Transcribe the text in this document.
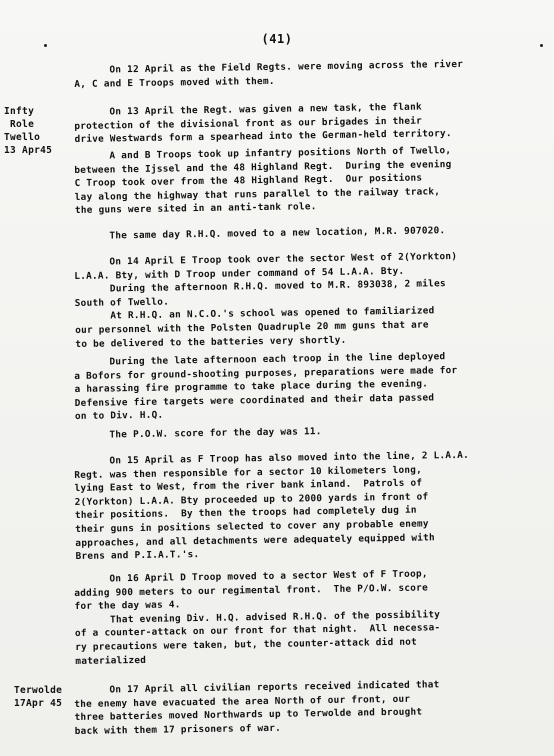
(41)
Infty
Role
Twello
13 Apr45
Terwolde
17Apr 45
On 12 April as the Field Regts. were moving across the river
A, C and E Troops moved with them.
On 13 April the Regt. was given a new task, the flank
protection of the divisional front as our brigades in their
drive Westwards form a spearhead into the German-held territory.
A and B Troops took up infantry positions North of Twello,
between the Ijssel and the 48 Highland Regt.  During the evening
C Troop took over from the 48 Highland Regt.  Our positions
lay along the highway that runs parallel to the railway track,
the guns were sited in an anti-tank role.
The same day R.H.Q. moved to a new location, M.R. 907020.
On 14 April E Troop took over the sector West of 2(Yorkton)
L.A.A. Bty, with D Troop under command of 54 L.A.A. Bty.
During the afternoon R.H.Q. moved to M.R. 893038, 2 miles
South of Twello.
At R.H.Q. an N.C.O.'s school was opened to familiarized
our personnel with the Polsten Quadruple 20 mm guns that are
to be delivered to the batteries very shortly.
During the late afternoon each troop in the line deployed
a Bofors for ground-shooting purposes, preparations were made for
a harassing fire programme to take place during the evening.
Defensive fire targets were coordinated and their data passed
on to Div. H.Q.
The P.O.W. score for the day was 11.
On 15 April as F Troop has also moved into the line, 2 L.A.A.
Regt. was then responsible for a sector 10 kilometers long,
lying East to West, from the river bank inland.  Patrols of
2(Yorkton) L.A.A. Bty proceeded up to 2000 yards in front of
their positions.  By then the troops had completely dug in
their guns in positions selected to cover any probable enemy
approaches, and all detachments were adequately equipped with
Brens and P.I.A.T.'s.
On 16 April D Troop moved to a sector West of F Troop,
adding 900 meters to our regimental front.  The P/O.W. score
for the day was 4.
That evening Div. H.Q. advised R.H.Q. of the possibility
of a counter-attack on our front for that night.  All necessa-
ry precautions were taken, but, the counter-attack did not
materialized
On 17 April all civilian reports received indicated that
the enemy have evacuated the area North of our front, our
three batteries moved Northwards up to Terwolde and brought
back with them 17 prisoners of war.
